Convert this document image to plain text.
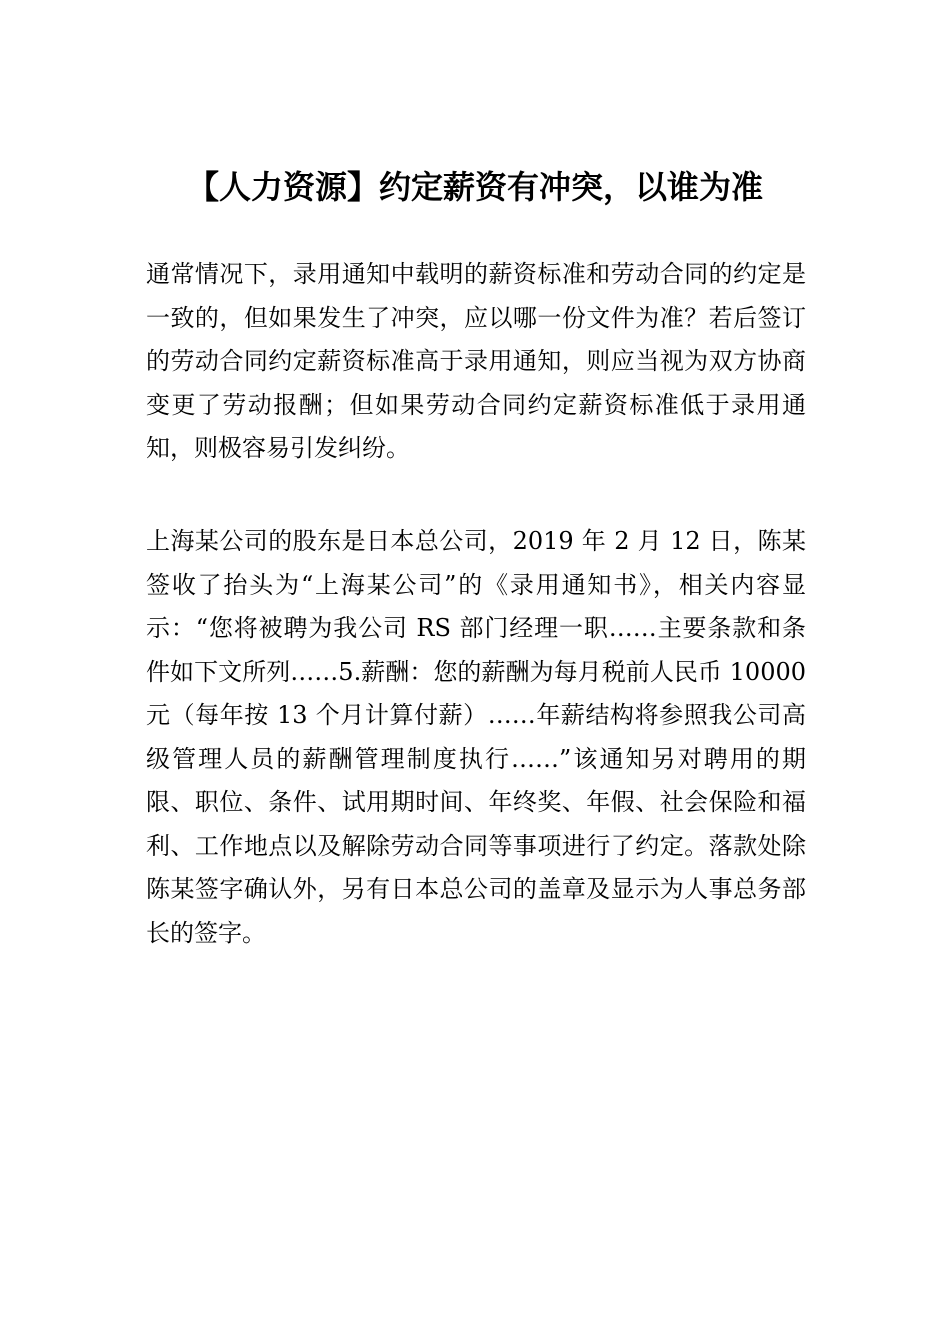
【人力资源】约定薪资有冲突，以谁为准

通常情况下，录用通知中载明的薪资标准和劳动合同的约定是一致的，但如果发生了冲突，应以哪一份文件为准？若后签订的劳动合同约定薪资标准高于录用通知，则应当视为双方协商变更了劳动报酬；但如果劳动合同约定薪资标准低于录用通知，则极容易引发纠纷。

上海某公司的股东是日本总公司，2019 年 2 月 12 日，陈某签收了抬头为“上海某公司”的《录用通知书》，相关内容显示：“您将被聘为我公司 RS 部门经理一职……主要条款和条件如下文所列……5.薪酬：您的薪酬为每月税前人民币 10000 元（每年按 13 个月计算付薪）……年薪结构将参照我公司高级管理人员的薪酬管理制度执行……”该通知另对聘用的期限、职位、条件、试用期时间、年终奖、年假、社会保险和福利、工作地点以及解除劳动合同等事项进行了约定。落款处除陈某签字确认外，另有日本总公司的盖章及显示为人事总务部长的签字。
